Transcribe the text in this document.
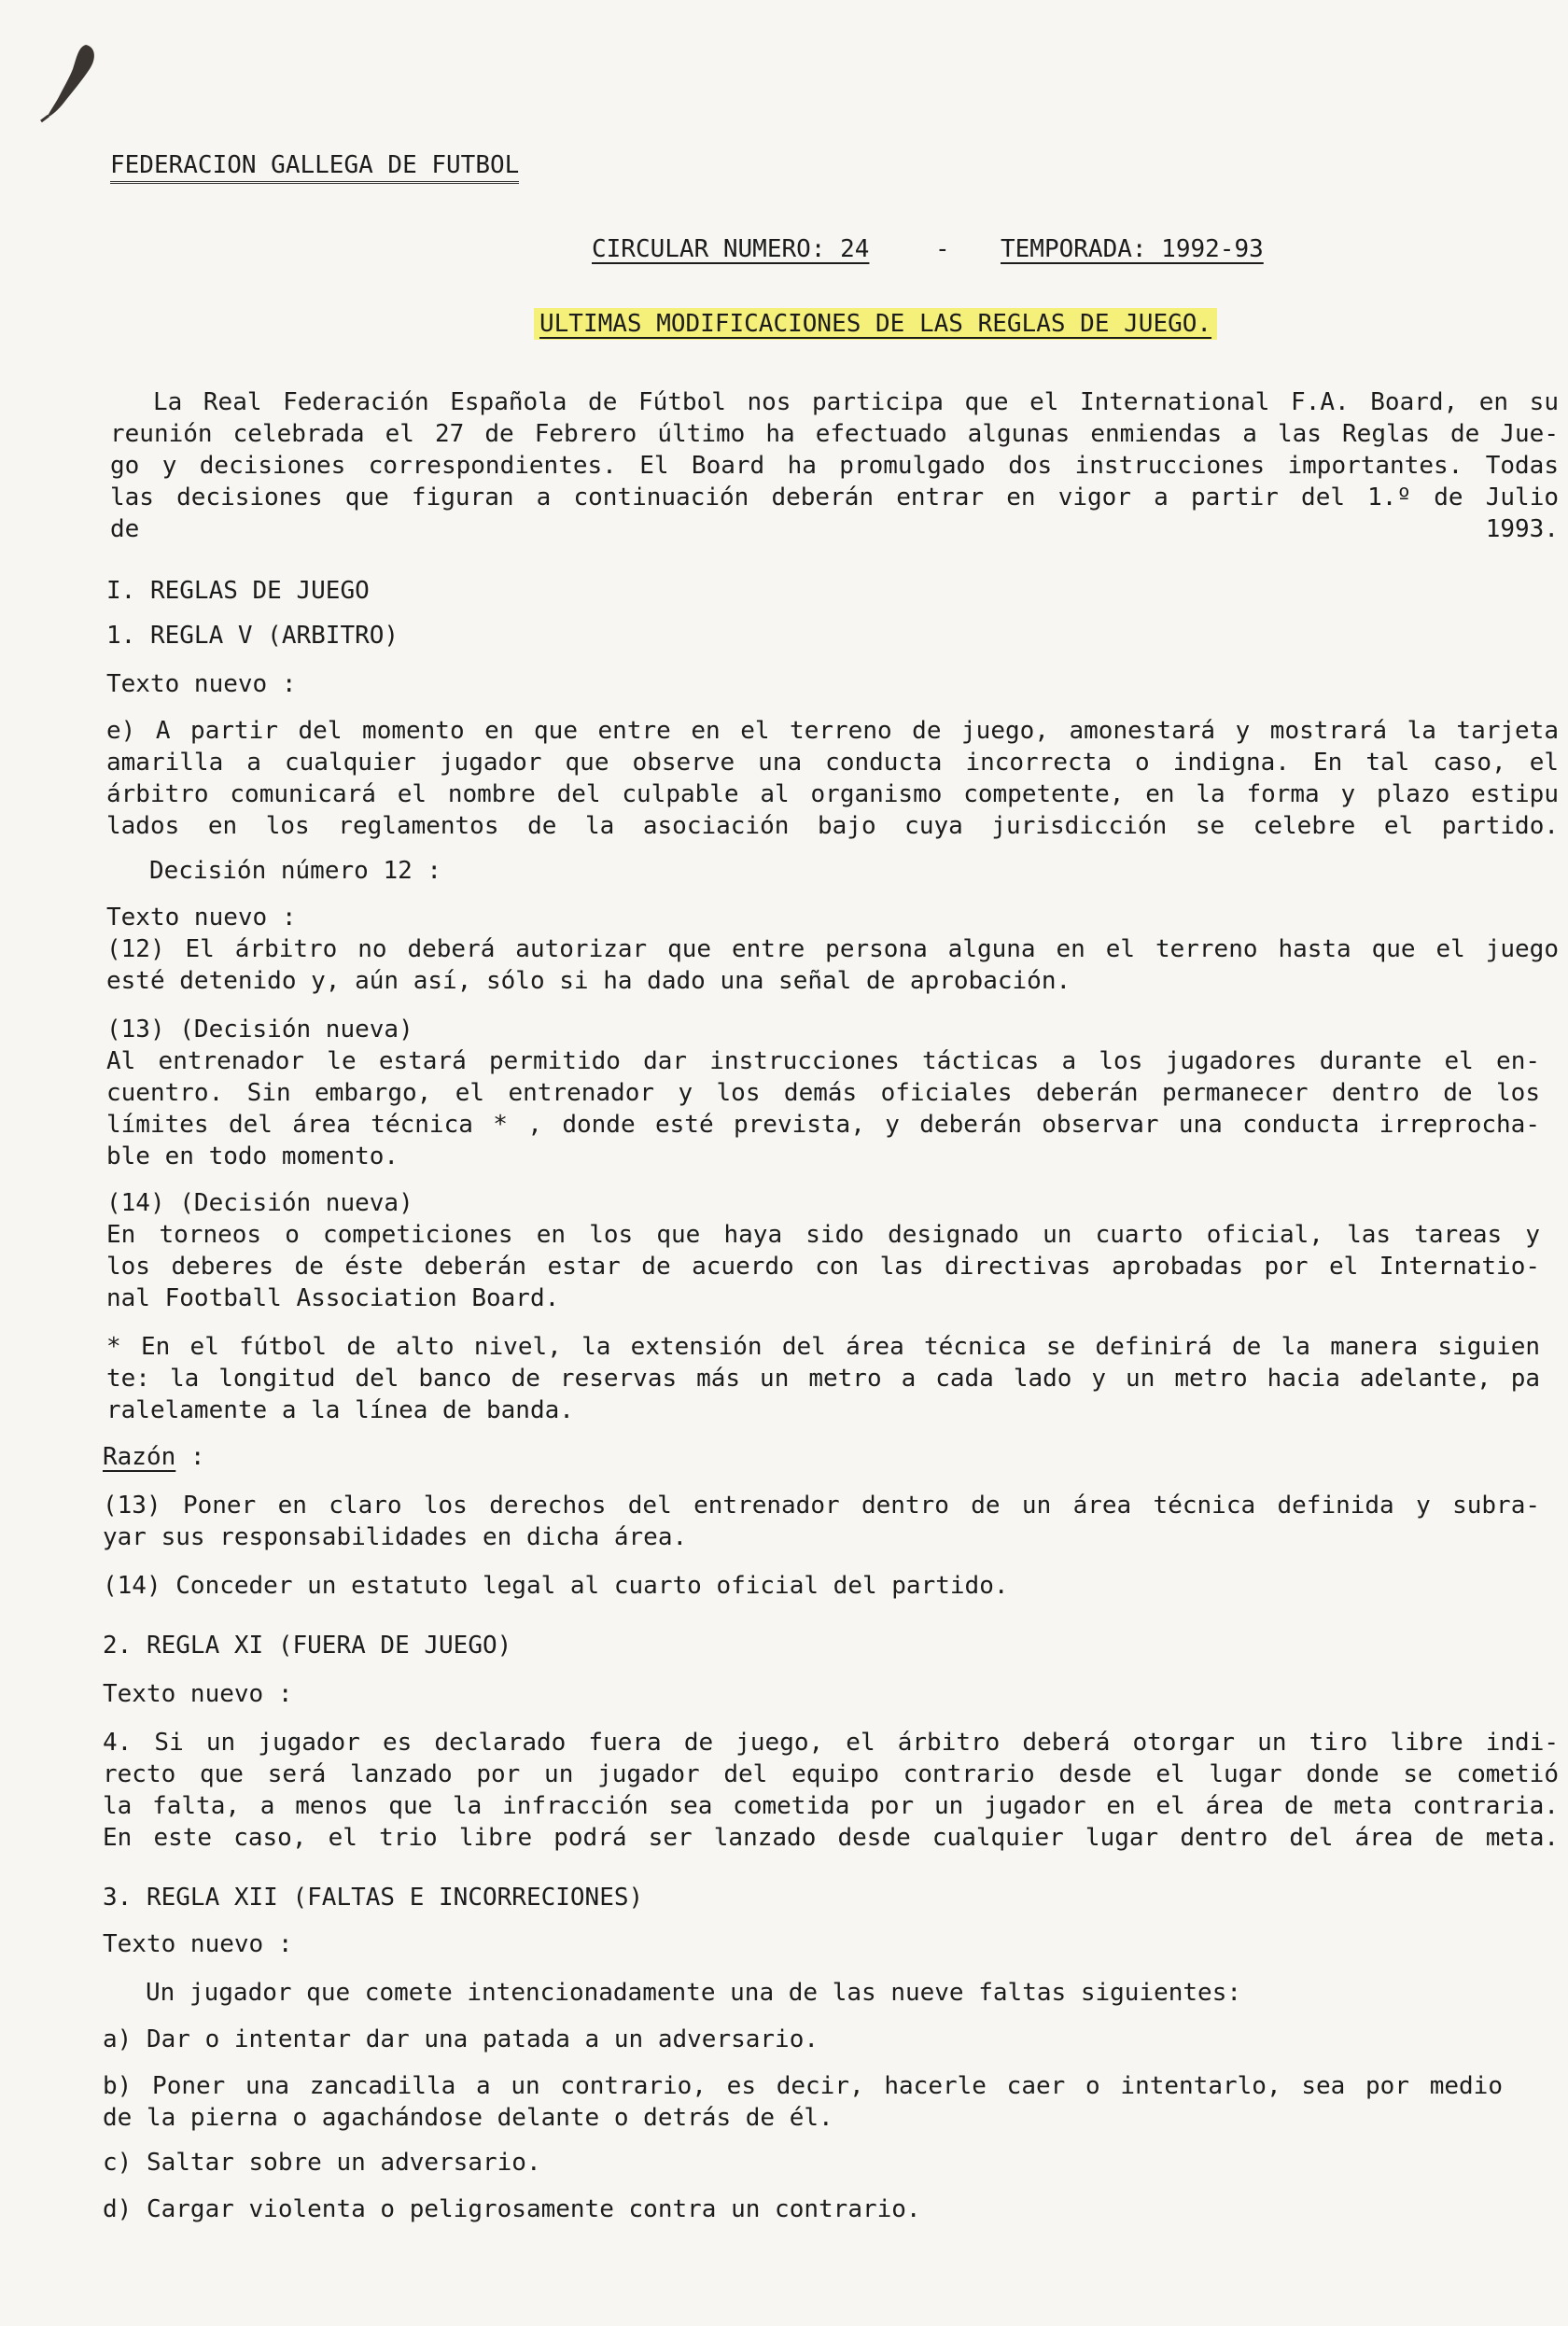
FEDERACION GALLEGA DE FUTBOL
CIRCULAR NUMERO: 24	- TEMPORADA: 1992-93
ULTIMAS MODIFICACIONES DE LAS REGLAS DE JUEGO.
La Real Federación Española de Fútbol nos participa que el International F.A. Board, en su
reunión celebrada el 27 de Febrero último ha efectuado algunas enmiendas a las Reglas de Jue-
go y decisiones correspondientes. El Board ha promulgado dos instrucciones importantes. Todas
las decisiones que figuran a continuación deberán entrar en vigor a partir del 1.º de Julio
de 1993.
I. REGLAS DE JUEGO
1. REGLA V (ARBITRO)
Texto nuevo :
e) A partir del momento en que entre en el terreno de juego, amonestará y mostrará la tarjeta
amarilla a cualquier jugador que observe una conducta incorrecta o indigna. En tal caso, el
árbitro comunicará el nombre del culpable al organismo competente, en la forma y plazo estipu
lados en los reglamentos de la asociación bajo cuya jurisdicción se celebre el partido.
Decisión número 12 :
Texto nuevo :
(12) El árbitro no deberá autorizar que entre persona alguna en el terreno hasta que el juego
esté detenido y, aún así, sólo si ha dado una señal de aprobación.
(13) (Decisión nueva)
Al entrenador le estará permitido dar instrucciones tácticas a los jugadores durante el en-
cuentro. Sin embargo, el entrenador y los demás oficiales deberán permanecer dentro de los
límites del área técnica * , donde esté prevista, y deberán observar una conducta irreprocha-
ble en todo momento.
(14) (Decisión nueva)
En torneos o competiciones en los que haya sido designado un cuarto oficial, las tareas y
los deberes de éste deberán estar de acuerdo con las directivas aprobadas por el Internatio-
nal Football Association Board.
* En el fútbol de alto nivel, la extensión del área técnica se definirá de la manera siguien
te: la longitud del banco de reservas más un metro a cada lado y un metro hacia adelante, pa
ralelamente a la línea de banda.
Razón :
(13) Poner en claro los derechos del entrenador dentro de un área técnica definida y subra-
yar sus responsabilidades en dicha área.
(14) Conceder un estatuto legal al cuarto oficial del partido.
2. REGLA XI (FUERA DE JUEGO)
Texto nuevo :
4. Si un jugador es declarado fuera de juego, el árbitro deberá otorgar un tiro libre indi-
recto que será lanzado por un jugador del equipo contrario desde el lugar donde se cometió
la falta, a menos que la infracción sea cometida por un jugador en el área de meta contraria.
En este caso, el trio libre podrá ser lanzado desde cualquier lugar dentro del área de meta.
3. REGLA XII (FALTAS E INCORRECIONES)
Texto nuevo :
Un jugador que comete intencionadamente una de las nueve faltas siguientes:
a) Dar o intentar dar una patada a un adversario.
b) Poner una zancadilla a un contrario, es decir, hacerle caer o intentarlo, sea por medio
de la pierna o agachándose delante o detrás de él.
c) Saltar sobre un adversario.
d) Cargar violenta o peligrosamente contra un contrario.
